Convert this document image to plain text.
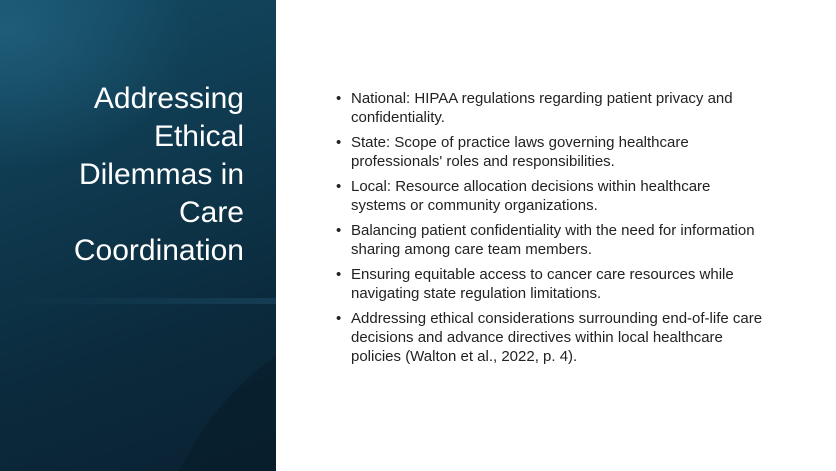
Addressing Ethical Dilemmas in Care Coordination
• National: HIPAA regulations regarding patient privacy and confidentiality.
• State: Scope of practice laws governing healthcare professionals' roles and responsibilities.
• Local: Resource allocation decisions within healthcare systems or community organizations.
• Balancing patient confidentiality with the need for information sharing among care team members.
• Ensuring equitable access to cancer care resources while navigating state regulation limitations.
• Addressing ethical considerations surrounding end-of-life care decisions and advance directives within local healthcare policies (Walton et al., 2022, p. 4).
